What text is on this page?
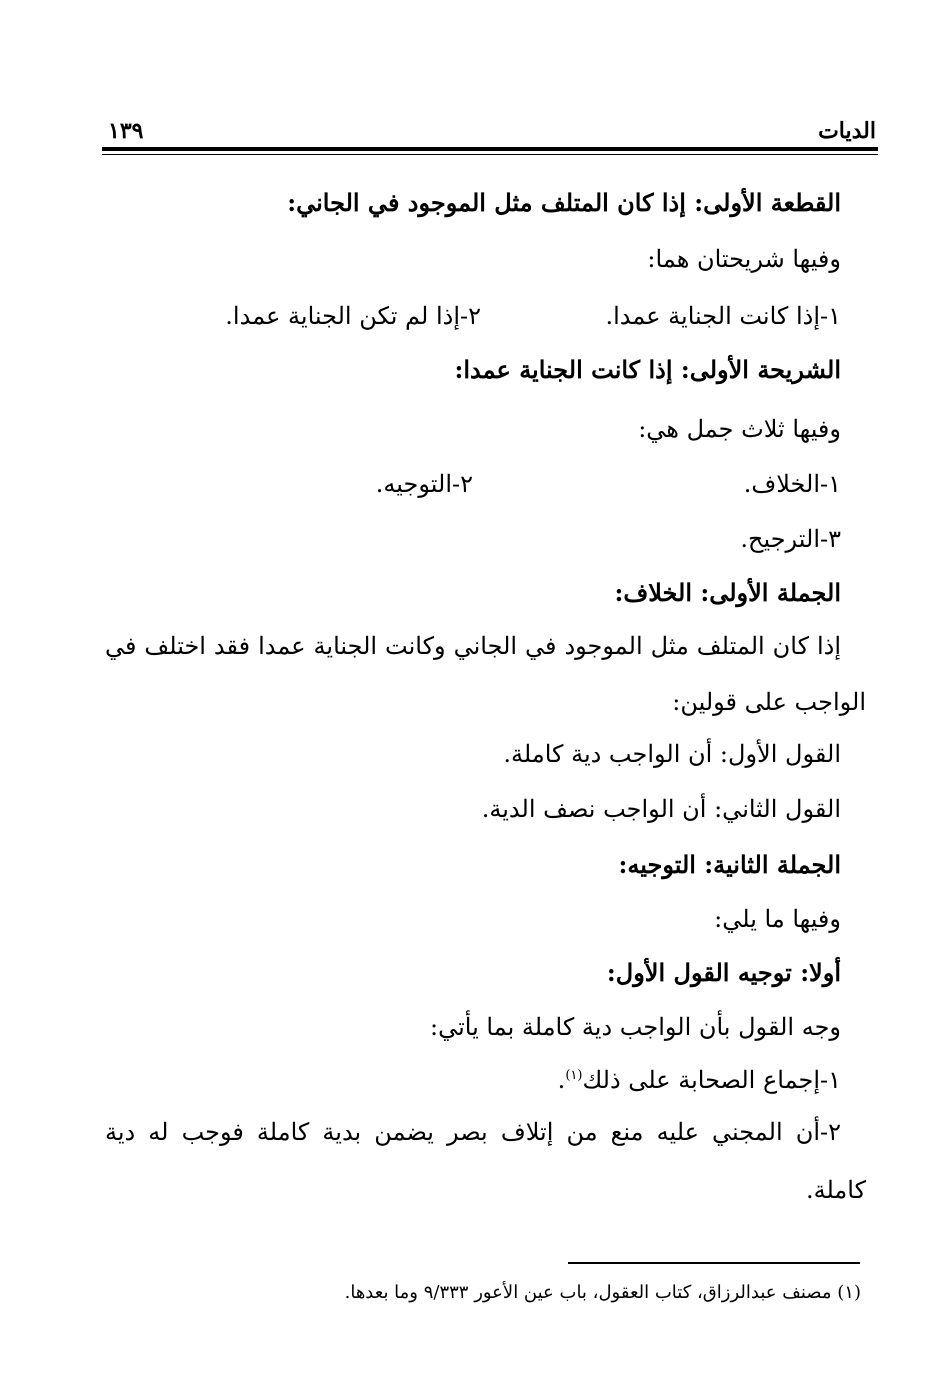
الديات
١٣٩
القطعة الأولى: إذا كان المتلف مثل الموجود في الجاني:
وفيها شريحتان هما:
١-إذا كانت الجناية عمدا.
٢-إذا لم تكن الجناية عمدا.
الشريحة الأولى: إذا كانت الجناية عمدا:
وفيها ثلاث جمل هي:
١-الخلاف.
٢-التوجيه.
٣-الترجيح.
الجملة الأولى: الخلاف:
إذا كان المتلف مثل الموجود في الجاني وكانت الجناية عمدا فقد اختلف في
الواجب على قولين:
القول الأول: أن الواجب دية كاملة.
القول الثاني: أن الواجب نصف الدية.
الجملة الثانية: التوجيه:
وفيها ما يلي:
أولا: توجيه القول الأول:
وجه القول بأن الواجب دية كاملة بما يأتي:
١-إجماع الصحابة على ذلك$^{(١)}$.
٢-أن المجني عليه منع من إتلاف بصر يضمن بدية كاملة فوجب له دية
كاملة.
(١) مصنف عبدالرزاق، كتاب العقول، باب عين الأعور ٩/٣٣٣ وما بعدها.
